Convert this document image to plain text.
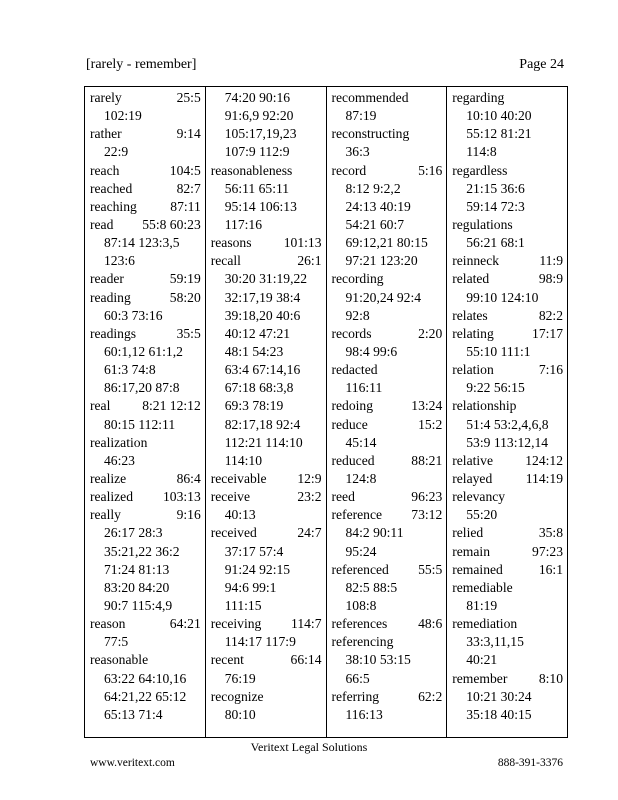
[rarely - remember]	Page 24
rarely	25:5
102:19
rather	9:14
22:9
reach	104:5
reached	82:7
reaching 87:11
read 55:8 60:23
87:14 123:3,5
123:6
reader	59:19
reading	58:20
60:3 73:16
readings	35:5
60:1,12 61:1,2
61:3 74:8
86:17,20 87:8
real 8:21 12:12
80:15 112:11
realization
46:23
realize	86:4
realized 103:13
really	9:16
26:17 28:3
35:21,22 36:2
71:24 81:13
83:20 84:20
90:7 115:4,9
reason	64:21
77:5
reasonable
63:22 64:10,16
64:21,22 65:12
65:13 71:4
74:20 90:16
91:6,9 92:20
105:17,19,23
107:9 112:9
reasonableness
56:11 65:11
95:14 106:13
117:16
reasons 101:13
recall	26:1
30:20 31:19,22
32:17,19 38:4
39:18,20 40:6
40:12 47:21
48:1 54:23
63:4 67:14,16
67:18 68:3,8
69:3 78:19
82:17,18 92:4
112:21 114:10
114:10
receivable 12:9
receive	23:2
40:13
received	24:7
37:17 57:4
91:24 92:15
94:6 99:1
111:15
receiving 114:7
114:17 117:9
recent	66:14
76:19
recognize
80:10
recommended
87:19
reconstructing
36:3
record	5:16
8:12 9:2,2
24:13 40:19
54:21 60:7
69:12,21 80:15
97:21 123:20
recording
91:20,24 92:4
92:8
records	2:20
98:4 99:6
redacted
116:11
redoing	13:24
reduce	15:2
45:14
reduced	88:21
124:8
reed	96:23
reference 73:12
84:2 90:11
95:24
referenced 55:5
82:5 88:5
108:8
references 48:6
referencing
38:10 53:15
66:5
referring	62:2
116:13
regarding
10:10 40:20
55:12 81:21
114:8
regardless
21:15 36:6
59:14 72:3
regulations
56:21 68:1
reinneck	11:9
related	98:9
99:10 124:10
relates	82:2
relating	17:17
55:10 111:1
relation	7:16
9:22 56:15
relationship
51:4 53:2,4,6,8
53:9 113:12,14
relative 124:12
relayed 114:19
relevancy
55:20
relied	35:8
remain	97:23
remained	16:1
remediable
81:19
remediation
33:3,11,15
40:21
remember 8:10
10:21 30:24
35:18 40:15
Veritext Legal Solutions
www.veritext.com	888-391-3376
